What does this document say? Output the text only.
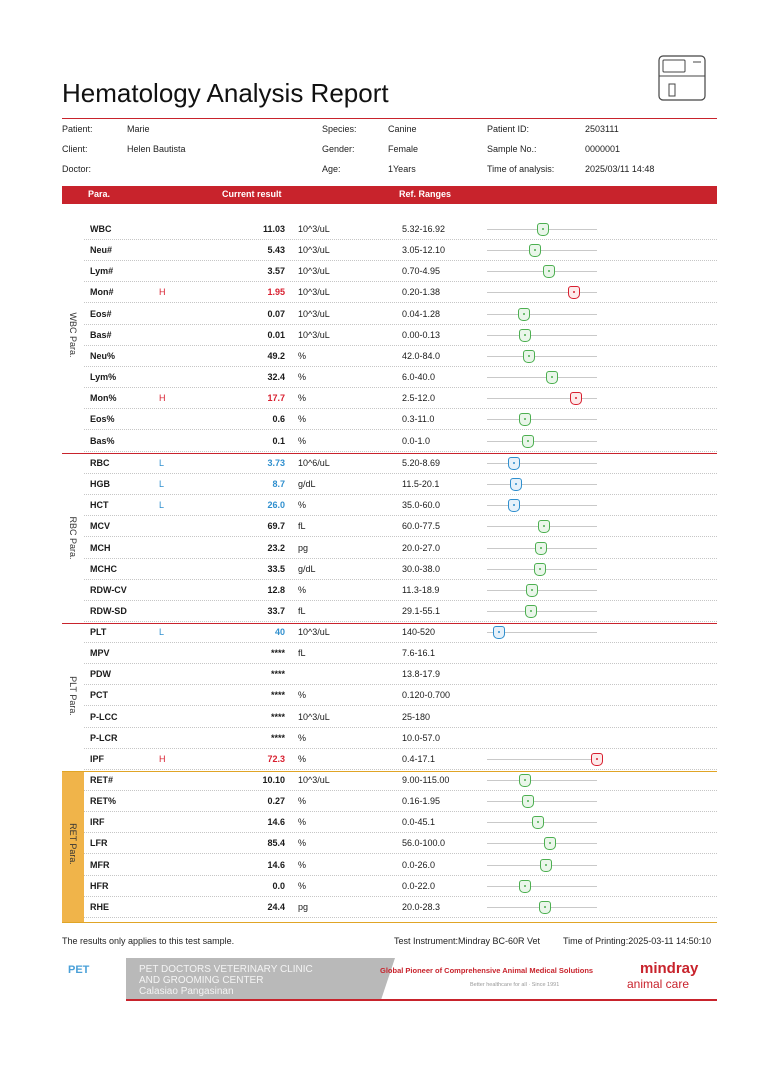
Hematology Analysis Report
Patient:	Marie
Client:	Helen Bautista
Doctor:
Species:	Canine
Gender:	Female
Age:	1Years
Patient ID:	2503111
Sample No.:	0000001
Time of analysis:	2025/03/11 14:48
Para.	Current result	Ref. Ranges
WBC	11.03 10^3/uL	5.32-16.92
Neu#	5.43 10^3/uL	3.05-12.10
Lym#	3.57 10^3/uL	0.70-4.95
Mon#	H	1.95 10^3/uL	0.20-1.38
Eos#	0.07 10^3/uL	0.04-1.28
Bas#	0.01 10^3/uL	0.00-0.13
Neu%	49.2 %	42.0-84.0
Lym%	32.4 %	6.0-40.0
Mon%	H	17.7 %	2.5-12.0
Eos%	0.6 %	0.3-11.0
Bas%	0.1 %	0.0-1.0
WBC Para.
RBC	L	3.73 10^6/uL	5.20-8.69
HGB	L	8.7 g/dL	11.5-20.1
HCT	L	26.0 %	35.0-60.0
MCV	69.7 fL	60.0-77.5
MCH	23.2 pg	20.0-27.0
MCHC	33.5 g/dL	30.0-38.0
RDW-CV	12.8 %	11.3-18.9
RDW-SD	33.7 fL	29.1-55.1
RBC Para.
PLT	L	40 10^3/uL	140-520
MPV	**** fL	7.6-16.1
PDW	****	13.8-17.9
PCT	**** %	0.120-0.700
P-LCC	**** 10^3/uL	25-180
P-LCR	**** %	10.0-57.0
IPF	H	72.3 %	0.4-17.1
PLT Para.
RET#	10.10 10^3/uL	9.00-115.00
RET%	0.27 %	0.16-1.95
IRF	14.6 %	0.0-45.1
LFR	85.4 %	56.0-100.0
MFR	14.6 %	0.0-26.0
HFR	0.0 %	0.0-22.0
RHE	24.4 pg	20.0-28.3
RET Para.
The results only applies to this test sample.	Test Instrument:Mindray BC-60R Vet	Time of Printing:2025-03-11 14:50:10
PET	PET DOCTORS VETERINARY CLINIC
AND GROOMING CENTER
Calasiao Pangasinan
Global Pioneer of Comprehensive Animal Medical Solutions
Better healthcare for all · Since 1991
mindray
animal care
